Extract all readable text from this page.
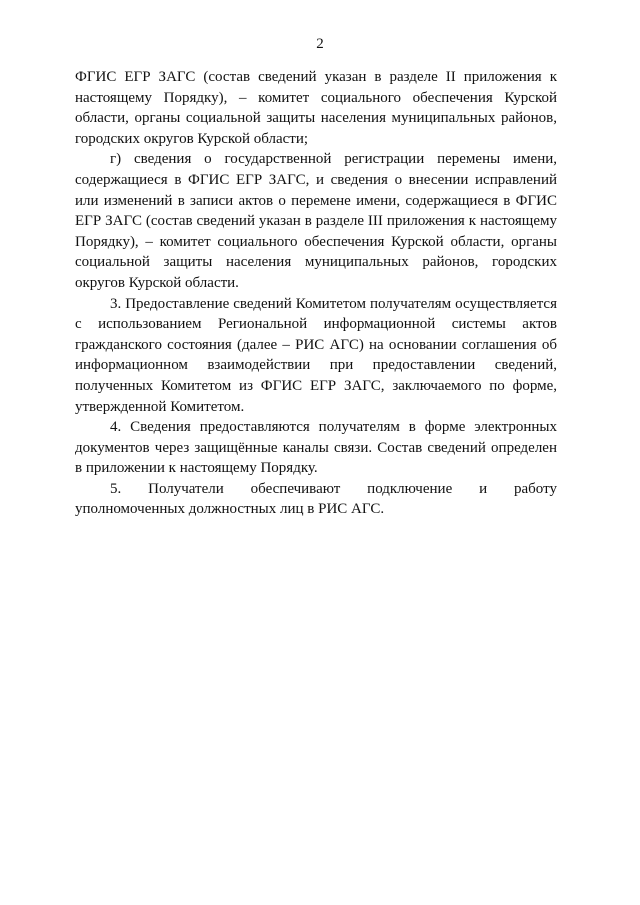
2

ФГИС ЕГР ЗАГС (состав сведений указан в разделе II приложения к настоящему Порядку), – комитет социального обеспечения Курской области, органы социальной защиты населения муниципальных районов, городских округов Курской области;

г) сведения о государственной регистрации перемены имени, содержащиеся в ФГИС ЕГР ЗАГС, и сведения о внесении исправлений или изменений в записи актов о перемене имени, содержащиеся в ФГИС ЕГР ЗАГС (состав сведений указан в разделе III приложения к настоящему Порядку), – комитет социального обеспечения Курской области, органы социальной защиты населения муниципальных районов, городских округов Курской области.

3. Предоставление сведений Комитетом получателям осуществляется с использованием Региональной информационной системы актов гражданского состояния (далее – РИС АГС) на основании соглашения об информационном взаимодействии при предоставлении сведений, полученных Комитетом из ФГИС ЕГР ЗАГС, заключаемого по форме, утвержденной Комитетом.

4. Сведения предоставляются получателям в форме электронных документов через защищённые каналы связи. Состав сведений определен в приложении к настоящему Порядку.

5. Получатели обеспечивают подключение и работу
уполномоченных должностных лиц в РИС АГС.
